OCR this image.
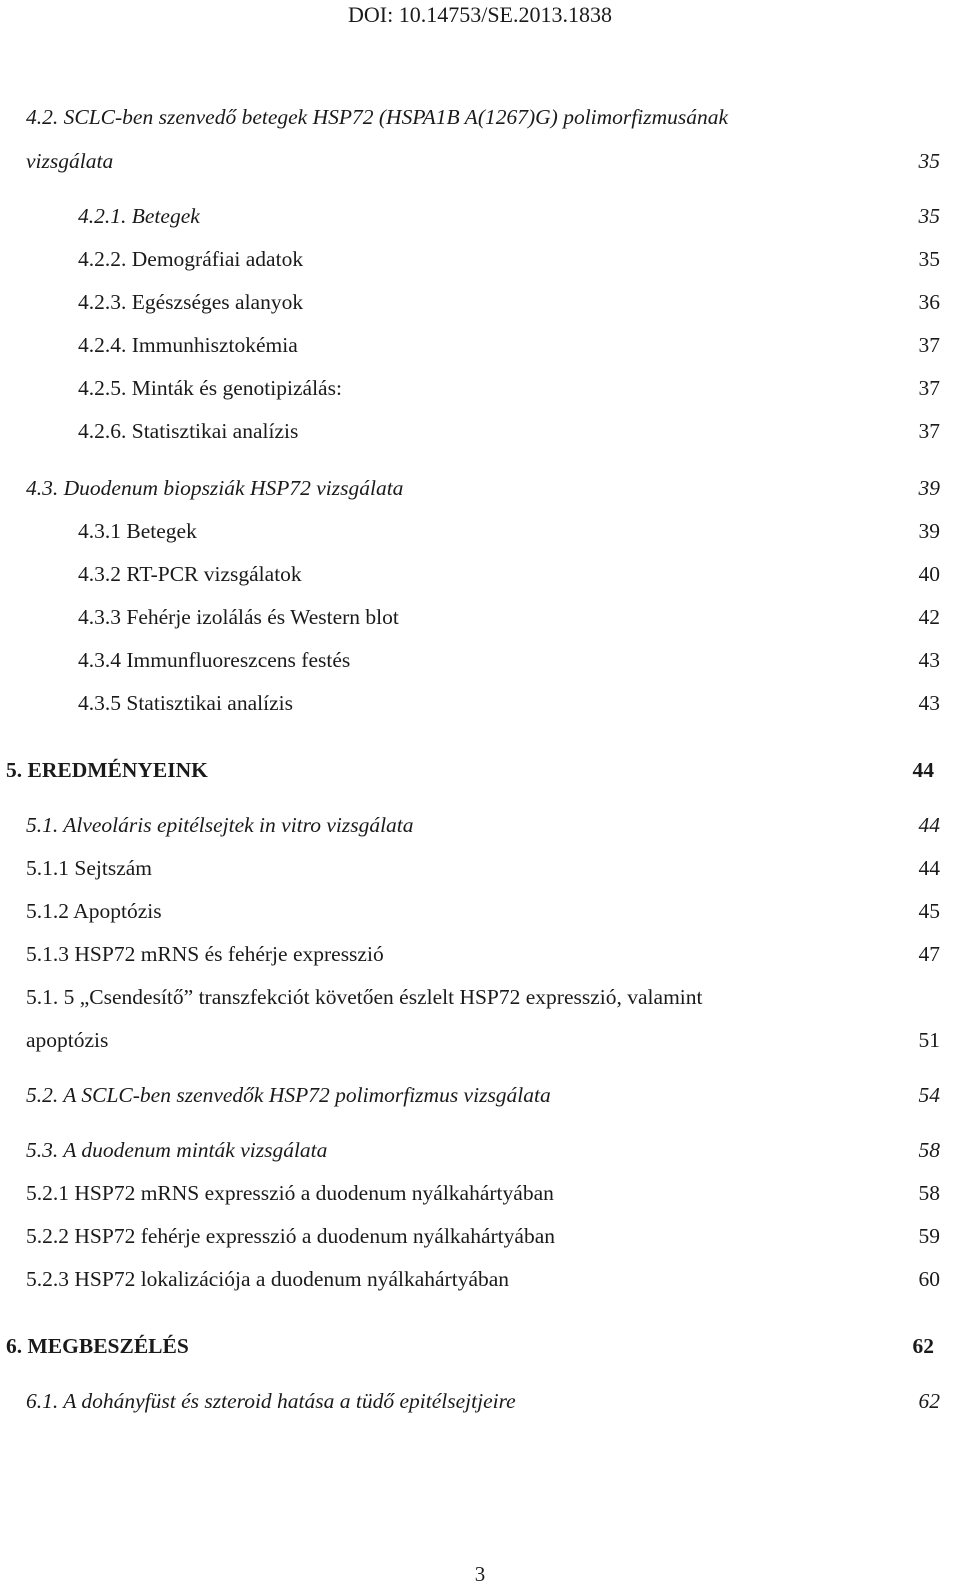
DOI: 10.14753/SE.2013.1838
4.2. SCLC-ben szenvedő betegek HSP72 (HSPA1B A(1267)G) polimorfizmusának
vizsgálata	35
4.2.1. Betegek	35
4.2.2. Demográfiai adatok	35
4.2.3. Egészséges alanyok	36
4.2.4. Immunhisztokémia	37
4.2.5. Minták és genotipizálás:	37
4.2.6. Statisztikai analízis	37
4.3. Duodenum biopsziák HSP72 vizsgálata	39
4.3.1 Betegek	39
4.3.2 RT-PCR vizsgálatok	40
4.3.3 Fehérje izolálás és Western blot	42
4.3.4 Immunfluoreszcens festés	43
4.3.5 Statisztikai analízis	43
5. EREDMÉNYEINK	44
5.1. Alveoláris epitélsejtek in vitro vizsgálata	44
5.1.1 Sejtszám	44
5.1.2 Apoptózis	45
5.1.3 HSP72 mRNS és fehérje expresszió	47
5.1. 5 „Csendesítő” transzfekciót követően észlelt HSP72 expresszió, valamint
apoptózis	51
5.2. A SCLC-ben szenvedők HSP72 polimorfizmus vizsgálata	54
5.3. A duodenum minták vizsgálata	58
5.2.1 HSP72 mRNS expresszió a duodenum nyálkahártyában	58
5.2.2 HSP72 fehérje expresszió a duodenum nyálkahártyában	59
5.2.3 HSP72 lokalizációja a duodenum nyálkahártyában	60
6. MEGBESZÉLÉS	62
6.1. A dohányfüst és szteroid hatása a tüdő epitélsejtjeire	62
3
